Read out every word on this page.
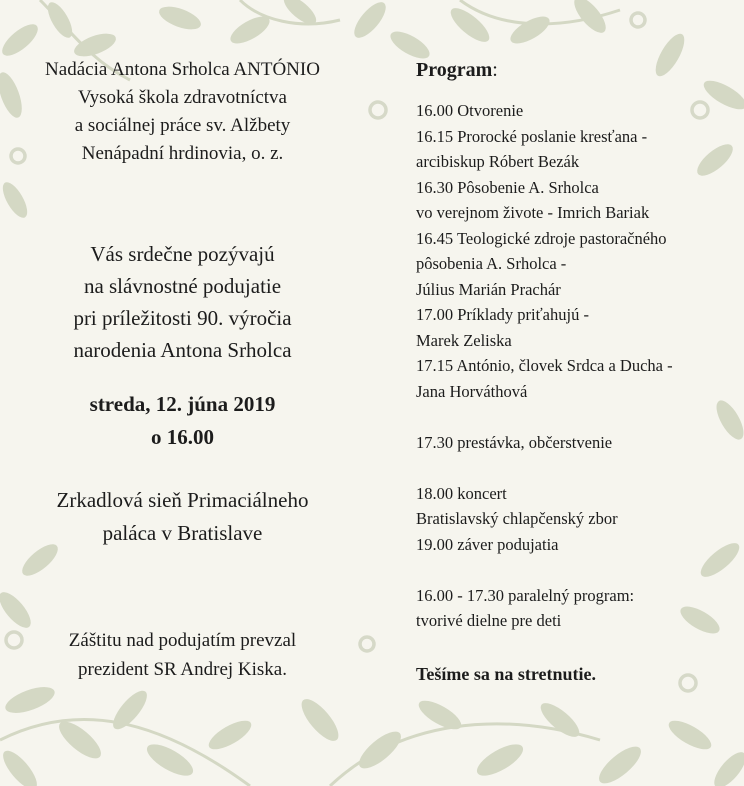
Nadácia Antona Srholca ANTÓNIO
Vysoká škola zdravotníctva
a sociálnej práce sv. Alžbety
Nenápadní hrdinovia, o. z.
Vás srdečne pozývajú
na slávnostné podujatie
pri príležitosti 90. výročia
narodenia Antona Srholca
streda, 12. júna 2019
o 16.00
Zrkadlová sieň Primaciálneho
paláca v Bratislave
Záštitu nad podujatím prevzal
prezident SR Andrej Kiska.
Program:
16.00 Otvorenie
16.15 Prorocké poslanie kresťana -
arcibiskup Róbert Bezák
16.30 Pôsobenie A. Srholca
vo verejnom živote - Imrich Bariak
16.45 Teologické zdroje pastoračného
pôsobenia A. Srholca -
Július Marián Prachár
17.00 Príklady priťahujú -
Marek Zeliska
17.15 António, človek Srdca a Ducha -
Jana Horváthová
17.30 prestávka, občerstvenie
18.00 koncert
Bratislavský chlapčenský zbor
19.00 záver podujatia
16.00 - 17.30 paralelný program:
tvorivé dielne pre deti
Tešíme sa na stretnutie.
